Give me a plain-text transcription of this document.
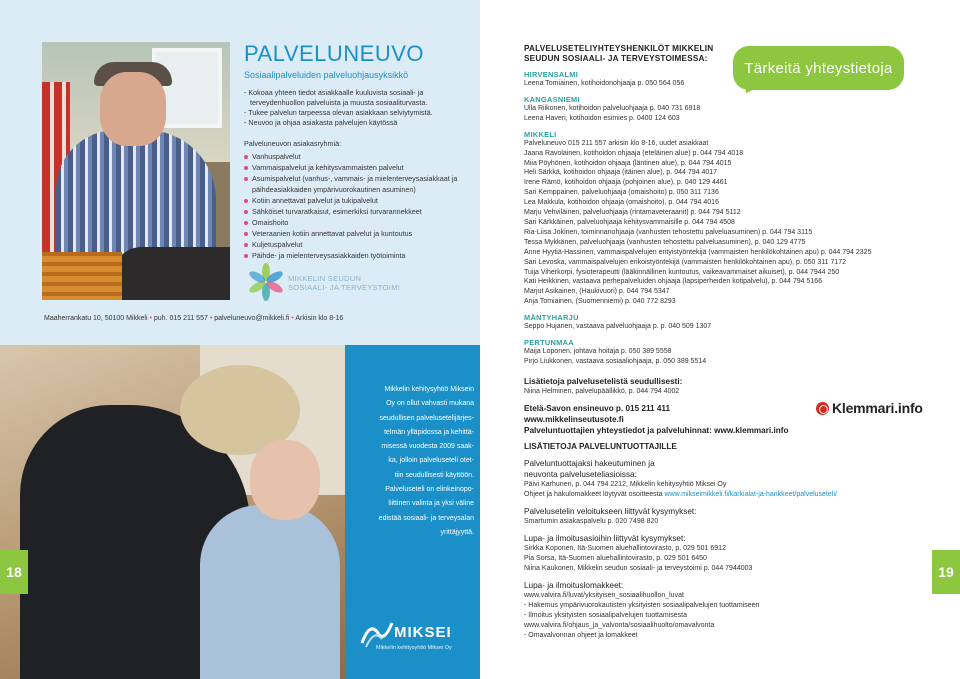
PALVELUNEUVO
Sosiaalipalveluiden palveluohjausyksikkö
- Kokoaa yhteen tiedot asiakkaalle kuuluvista sosiaali- ja terveydenhuollon palveluista ja muusta sosiaaliturvasta.
- Tukee palvelun tarpeessa olevan asiakkaan selviytymistä.
- Neuvoo ja ohjaa asiakasta palvelujen käytössä
Palveluneuvon asiakasryhmiä:
Vanhuspalvelut
Vammaispalvelut ja kehitysvammaisten palvelut
Asumispalvelut (vanhus-, vammais- ja mielenterveysasiakkaat ja päihdeasiakkaiden ympärivuorokautinen asuminen)
Kotiin annettavat palvelut ja tukipalvelut
Sähköiset turvaratkaisut, esimerkiksi turvarannekkeet
Omaishoito
Veteraanien kotiin annettavat palvelut ja kuntoutus
Kuljetuspalvelut
Päihde- ja mielenterveysasiakkaiden työtoiminta
MIKKELIN SEUDUN
SOSIAALI- JA TERVEYSTOIMI
Maaherrankatu 10, 50100 Mikkeli • puh. 015 211 557 • palveluneuvo@mikkeli.fi • Arkisin klo 8-16
18
Mikkelin kehitysyhtiö Miksein
Oy on ollut vahvasti mukana
seudullisen palvelusetelijärjes-
telmän ylläpidossa ja kehittä-
misessä vuodesta 2009 saak-
ka, jolloin palveluseteli otet-
tiin seudullisesti käyttöön.
Palveluseteli on elinkeinopo-
liittinen valinta ja yksi väline
edistää sosiaali- ja terveysalan
yrittäjyyttä.
MIKSEI
Mikkelin kehitysyhtiö Miksei Oy
Tärkeitä yhteystietoja
PALVELUSETELIYHTEYSHENKILÖT MIKKELIN
SEUDUN SOSIAALI- JA TERVEYSTOIMESSA:
HIRVENSALMI
Leena Tomiainen, kotihoidonohjaaja p. 050 564 056
KANGASNIEMI
Ulla Riikonen, kotihoidon palveluohjaaja p. 040 731 6918
Leena Haveri, kotihoidon esimies p. 0400 124 603
MIKKELI
Palveluneuvo 015 211 557 arkisin klo 8-16, uudet asiakkaat
Jaana Ravolainen, kotihoidon ohjaaja (eteläinen alue) p. 044 794 4018
Miia Pöyhönen, kotihoidon ohjaaja (läntinen alue), p. 044 794 4015
Heli Särkkä, kotihoidon ohjaaja (itäinen alue), p. 044 794 4017
Irene Rämö, kotihoidon ohjaaja (pohjoinen alue), p. 040 129 4461
Sari Kemppainen, palveluohjaaja (omaishoito) p. 050 311 7136
Lea Makkula, kotihoidon ohjaaja (omaishoito), p. 044 794 4016
Marju Vehviläinen, palveluohjaaja (rintamaveteraanit) p. 044 794 5112
Sari Kärkkäinen, palveluohjaaja kehitysvammaisille p. 044 794 4508
Ria-Liisa Jokinen, toiminnanohjaaja (vanhusten tehostettu palveluasuminen) p. 044 794 3115
Tessa Mykkänen, palveluohjaaja (vanhusten tehostettu palveluasuminen), p. 040 129 4775
Anne Hyytiä-Hassinen, vammaispalvelujen erityistyöntekijä (vammaisten henkilökohtainen apu) p. 044 794 2325
Sari Levoska, vammaispalvelujen erikoistyöntekijä (vammaisten henkilökohtainen apu), p. 050 311 7172
Tuija Viherkorpi, fysioterapeutti (lääkinnällinen kuntoutus, vaikeavammaiset aikuiset), p. 044 7944 250
Kati Heikkinen, vastaava perhepalveluiden ohjaaja (lapsiperheiden kotipalvelu), p. 044 794 5166
Marjut Asikainen, (Haukivuori) p. 044 794 5347
Anja Tomiainen, (Suomenniemi) p. 040 772 8293
MÄNTYHARJU
Seppo Hujanen, vastaava palveluohjaaja p. p. 040 509 1307
PERTUNMAA
Maija Loponen, johtava hoitaja p. 050 389 5558
Pirjo Liukkonen, vastaava sosiaaliohjaaja, p. 050 389 5514
Lisätietoja palvelusetelistä seudullisesti:
Niina Helminen, palvelupäällikkö, p. 044 794 4002
Etelä-Savon ensineuvo p. 015 211 411
www.mikkelinseutusote.fi
Palveluntuottajien yhteystiedot ja palveluhinnat: www.klemmari.info
LISÄTIETOJA PALVELUNTUOTTAJILLE
Palveluntuottajaksi hakeutuminen ja
neuvonta palveluseteliasioissa:
Päivi Karhunen, p. 044 794 2212, Mikkelin kehitysyhtiö Miksei Oy
Ohjeet ja hakulomakkeet löytyvät osoitteesta www.mikseimikkeli.fi/karkialat-ja-hankkeet/palveluseteli/
Palvelusetelin veloitukseen liittyvät kysymykset:
Smartumin asiakaspalvelu p. 020 7498 820
Lupa- ja ilmoitusasioihin liittyvät kysymykset:
Sirkka Koponen, Itä-Suomen aluehallintovirasto, p. 029 501 6912
Pia Sorsa, Itä-Suomen aluehallintovirasto, p. 029 501 6450
Niina Kaukonen, Mikkelin seudun sosiaali- ja terveystoimi p. 044 7944003
Lupa- ja ilmoituslomakkeet:
www.valvira.fi/luvat/yksityisen_sosiaalihuollon_luvat
- Hakemus ympärivuorokautisten yksityisten sosiaalipalvelujen tuottamiseen
- Ilmoitus yksityisten sosiaalipalvelujen tuottamisesta
www.valvira.fi/ohjaus_ja_valvonta/sosiaalihuolto/omavalvonta
- Omavalvonnan ohjeet ja lomakkeet
Klemmari.info
19
